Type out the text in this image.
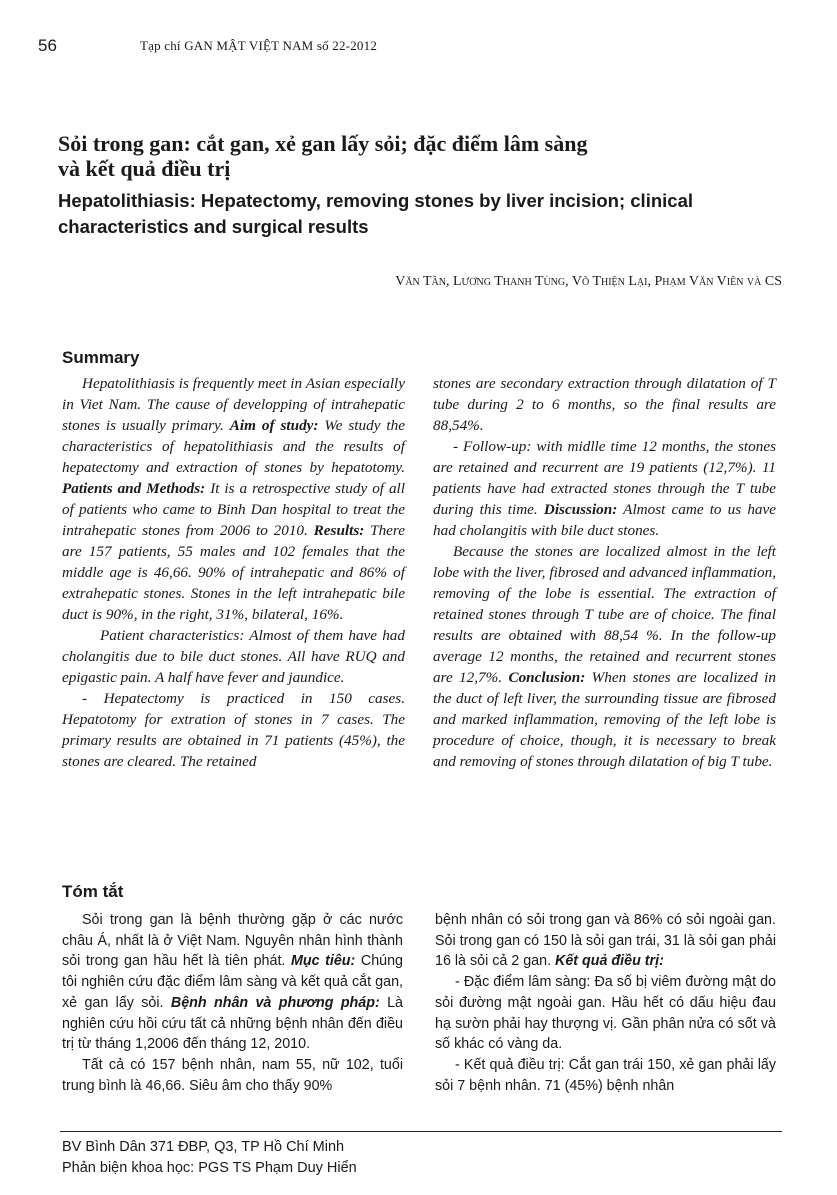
56	Tạp chí GAN MẬT VIỆT NAM số 22-2012
Sỏi trong gan: cắt gan, xẻ gan lấy sỏi; đặc điểm lâm sàng
và kết quả điều trị
Hepatolithiasis: Hepatectomy, removing stones by liver incision; clinical
characteristics and surgical results
Văn Tần, Lương Thanh Tùng, Võ Thiện Lại, Phạm Văn Viên và CS
Summary

Hepatolithiasis is frequently meet in Asian especially in Viet Nam. The cause of developping of intrahepatic stones is usually primary. Aim of study: We study the characteristics of hepatolithiasis and the results of hepatectomy and extraction of stones by hepatotomy. Patients and Methods: It is a retrospective study of all of patients who came to Binh Dan hospital to treat the intrahepatic stones from 2006 to 2010. Results: There are 157 patients, 55 males and 102 females that the middle age is 46,66. 90% of intrahepatic and 86% of extrahepatic stones. Stones in the left intrahepatic bile duct is 90%, in the right, 31%, bilateral, 16%.

Patient characteristics: Almost of them have had cholangitis due to bile duct stones. All have RUQ and epigastic pain. A half have fever and jaundice.

- Hepatectomy is practiced in 150 cases. Hepatotomy for extration of stones in 7 cases. The primary results are obtained in 71 patients (45%), the stones are cleared. The retained

stones are secondary extraction through dilatation of T tube during 2 to 6 months, so the final results are 88,54%.

- Follow-up: with midlle time 12 months, the stones are retained and recurrent are 19 patients (12,7%). 11 patients have had extracted stones through the T tube during this time. Discussion: Almost came to us have had cholangitis with bile duct stones.

Because the stones are localized almost in the left lobe with the liver, fibrosed and advanced inflammation, removing of the lobe is essential. The extraction of retained stones through T tube are of choice. The final results are obtained with 88,54 %. In the follow-up average 12 months, the retained and recurrent stones are 12,7%. Conclusion: When stones are localized in the duct of left liver, the surrounding tissue are fibrosed and marked inflammation, removing of the left lobe is procedure of choice, though, it is necessary to break and removing of stones through dilatation of big T tube.

Tóm tắt

Sỏi trong gan là bệnh thường gặp ở các nước châu Á, nhất là ở Việt Nam. Nguyên nhân hình thành sỏi trong gan hầu hết là tiên phát. Mục tiêu: Chúng tôi nghiên cứu đặc điểm lâm sàng và kết quả cắt gan, xẻ gan lấy sỏi. Bệnh nhân và phương pháp: Là nghiên cứu hồi cứu tất cả những bệnh nhân đến điều trị từ tháng 1,2006 đến tháng 12, 2010.

Tất cả có 157 bệnh nhân, nam 55, nữ 102, tuổi trung bình là 46,66. Siêu âm cho thấy 90%

bệnh nhân có sỏi trong gan và 86% có sỏi ngoài gan. Sỏi trong gan có 150 là sỏi gan trái, 31 là sỏi gan phải 16 là sỏi cả 2 gan. Kết quả điều trị:

- Đặc điểm lâm sàng: Đa số bị viêm đường mật do sỏi đường mật ngoài gan. Hầu hết có dấu hiệu đau hạ sườn phải hay thượng vị. Gần phân nửa có sốt và số khác có vàng da.

- Kết quả điều trị: Cắt gan trái 150, xẻ gan phải lấy sỏi 7 bệnh nhân. 71 (45%) bệnh nhân

BV Bình Dân 371 ĐBP, Q3, TP Hồ Chí Minh
Phản biện khoa học: PGS TS Phạm Duy Hiển
